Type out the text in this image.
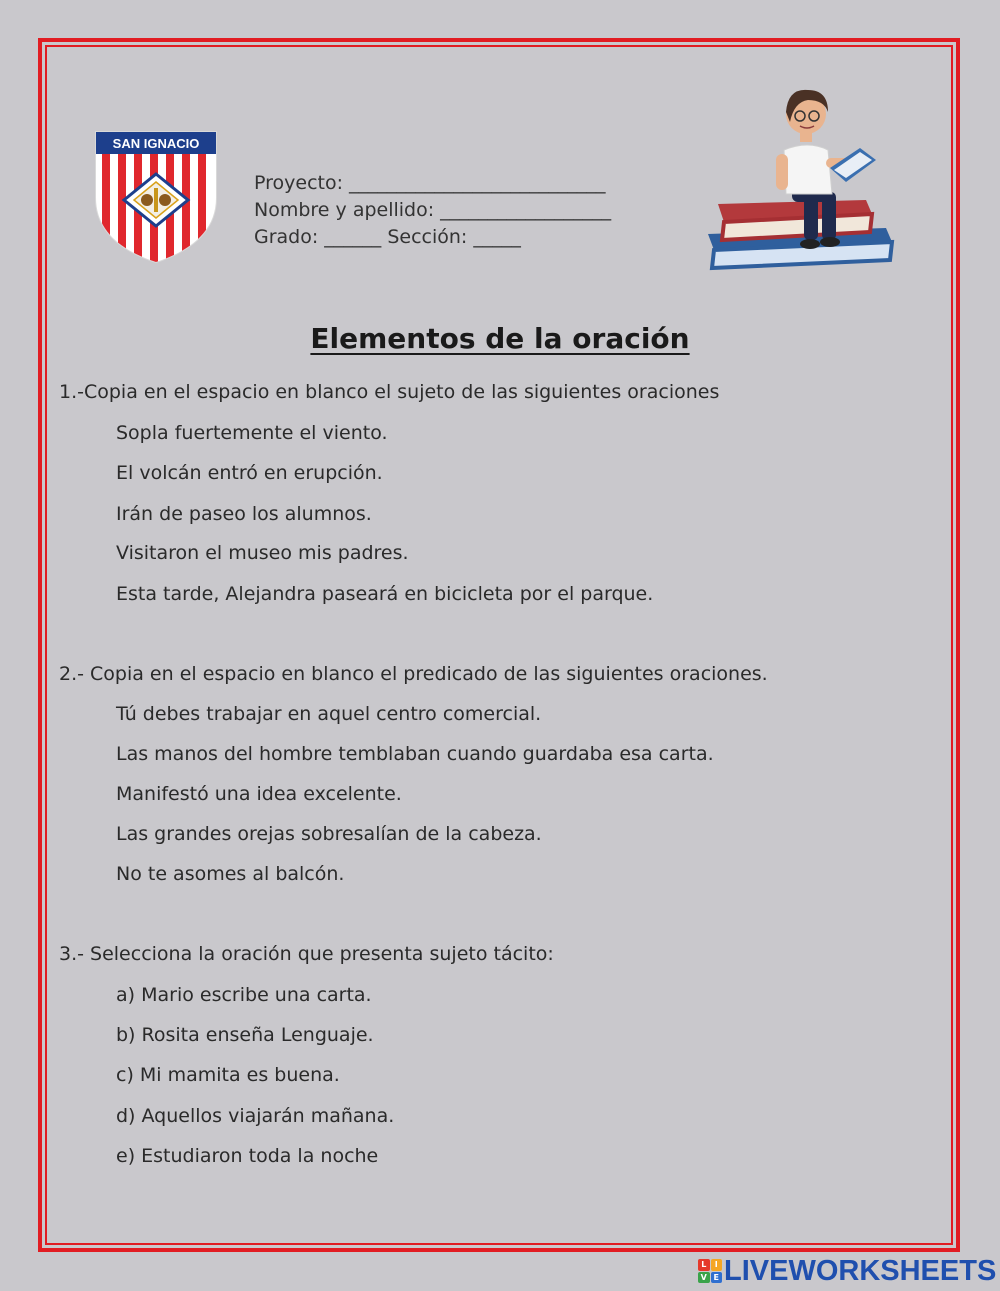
SAN IGNACIO
Proyecto: ___________________________
Nombre y apellido: __________________
Grado: ______ Sección: _____
Elementos de la oración
1.-Copia en el espacio en blanco el sujeto de las siguientes oraciones
Sopla fuertemente el viento.
El volcán entró en erupción.
Irán de paseo los alumnos.
Visitaron el museo mis padres.
Esta tarde, Alejandra paseará en bicicleta por el parque.
2.- Copia en el espacio en blanco el predicado de las siguientes oraciones.
Tú debes trabajar en aquel centro comercial.
Las manos del hombre temblaban cuando guardaba esa carta.
Manifestó una idea excelente.
Las grandes orejas sobresalían de la cabeza.
No te asomes al balcón.
3.- Selecciona la oración que presenta sujeto tácito:
a) Mario escribe una carta.
b) Rosita enseña Lenguaje.
c) Mi mamita es buena.
d) Aquellos viajarán mañana.
e) Estudiaron toda la noche
L	I
V E LIVEWORKSHEETS
